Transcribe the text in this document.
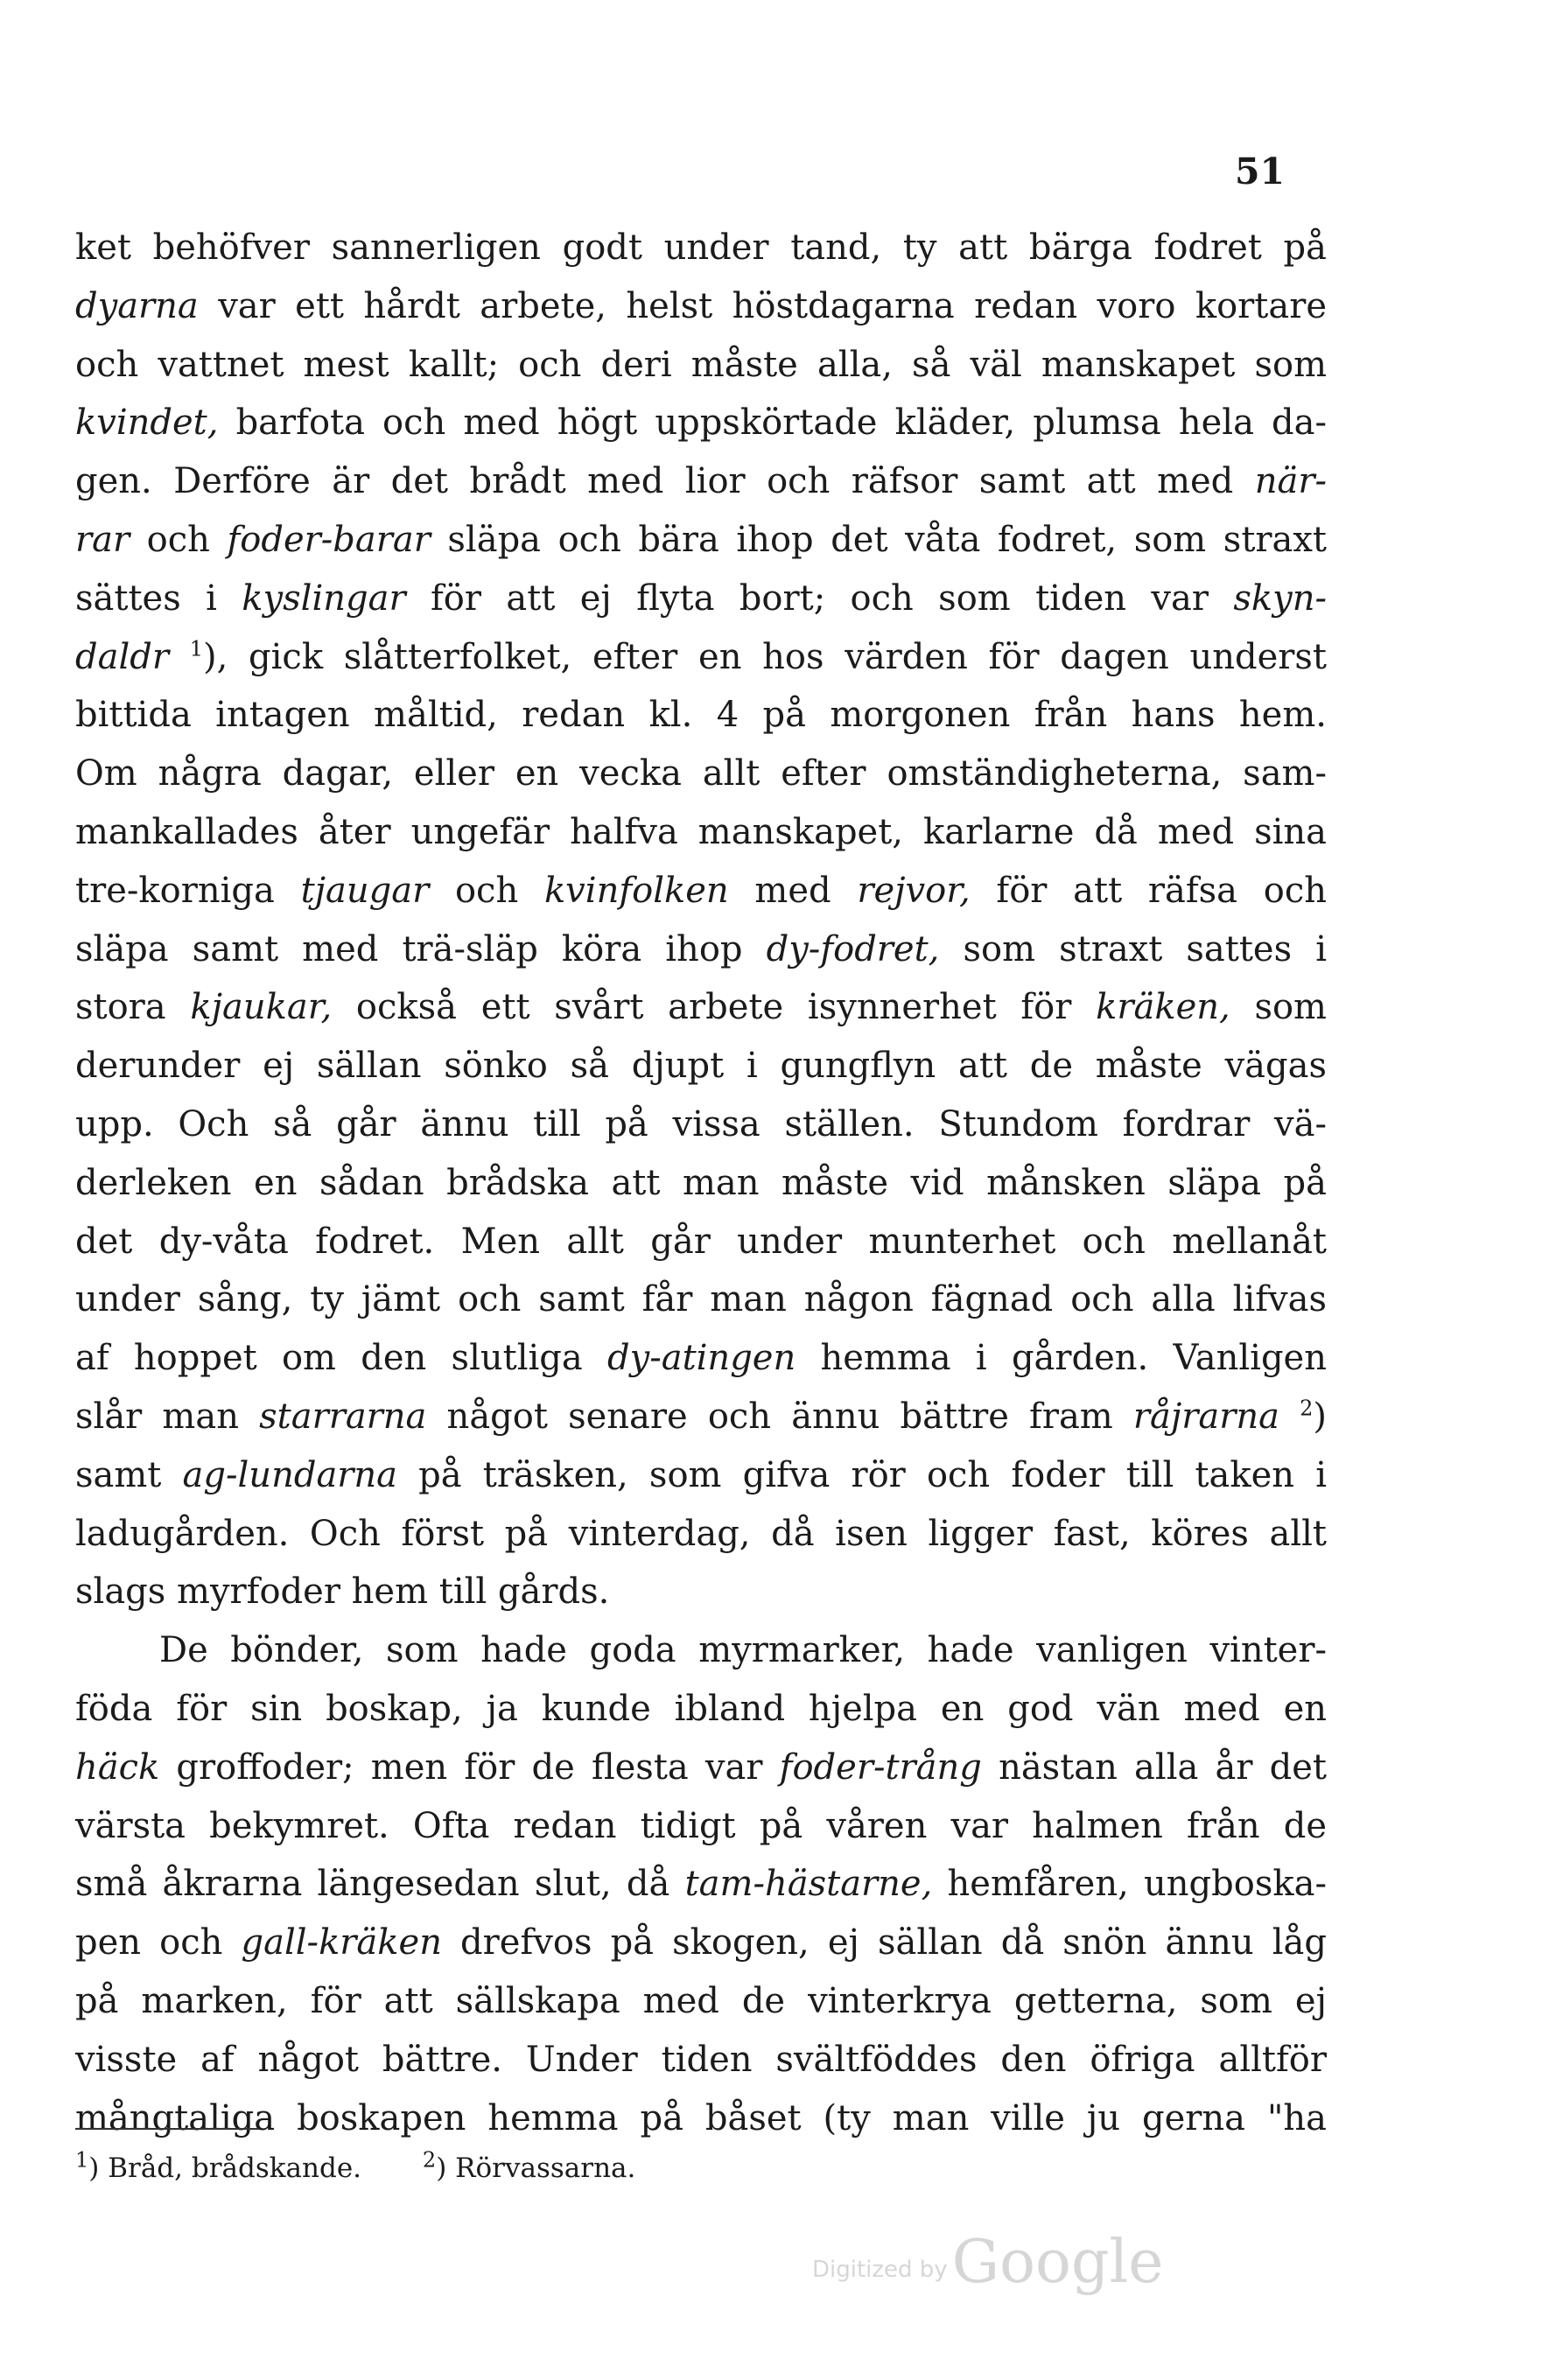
51
ket behöfver sannerligen godt under tand, ty att bärga fodret på
dyarna var ett hårdt arbete, helst höstdagarna redan voro kortare
och vattnet mest kallt; och deri måste alla, så väl manskapet som
kvindet, barfota och med högt uppskörtade kläder, plumsa hela da-
gen. Derföre är det brådt med lior och räfsor samt att med när-
rar och foder-barar släpa och bära ihop det våta fodret, som straxt
sättes i kyslingar för att ej flyta bort; och som tiden var skyn-
daldr $^1$), gick slåtterfolket, efter en hos värden för dagen underst
bittida intagen måltid, redan kl. 4 på morgonen från hans hem.
Om några dagar, eller en vecka allt efter omständigheterna, sam-
mankallades åter ungefär halfva manskapet, karlarne då med sina
tre-korniga tjaugar och kvinfolken med rejvor, för att räfsa och
släpa samt med trä-släp köra ihop dy-fodret, som straxt sattes i
stora kjaukar, också ett svårt arbete isynnerhet för kräken, som
derunder ej sällan sönko så djupt i gungflyn att de måste vägas
upp. Och så går ännu till på vissa ställen. Stundom fordrar vä-
derleken en sådan brådska att man måste vid månsken släpa på
det dy-våta fodret. Men allt går under munterhet och mellanåt
under sång, ty jämt och samt får man någon fägnad och alla lifvas
af hoppet om den slutliga dy-atingen hemma i gården. Vanligen
slår man starrarna något senare och ännu bättre fram råjrarna $^2$)
samt ag-lundarna på träsken, som gifva rör och foder till taken i
ladugården. Och först på vinterdag, då isen ligger fast, köres allt
slags myrfoder hem till gårds.
De bönder, som hade goda myrmarker, hade vanligen vinter-
föda för sin boskap, ja kunde ibland hjelpa en god vän med en
häck groffoder; men för de flesta var foder-trång nästan alla år det
värsta bekymret. Ofta redan tidigt på våren var halmen från de
små åkrarna längesedan slut, då tam-hästarne, hemfåren, ungboska-
pen och gall-kräken drefvos på skogen, ej sällan då snön ännu låg
på marken, för att sällskapa med de vinterkrya getterna, som ej
visste af något bättre. Under tiden svältföddes den öfriga alltför
mångtaliga boskapen hemma på båset (ty man ville ju gerna "ha
$^1$) Bråd, brådskande.	$^2$) Rörvassarna.
Digitized by Google
